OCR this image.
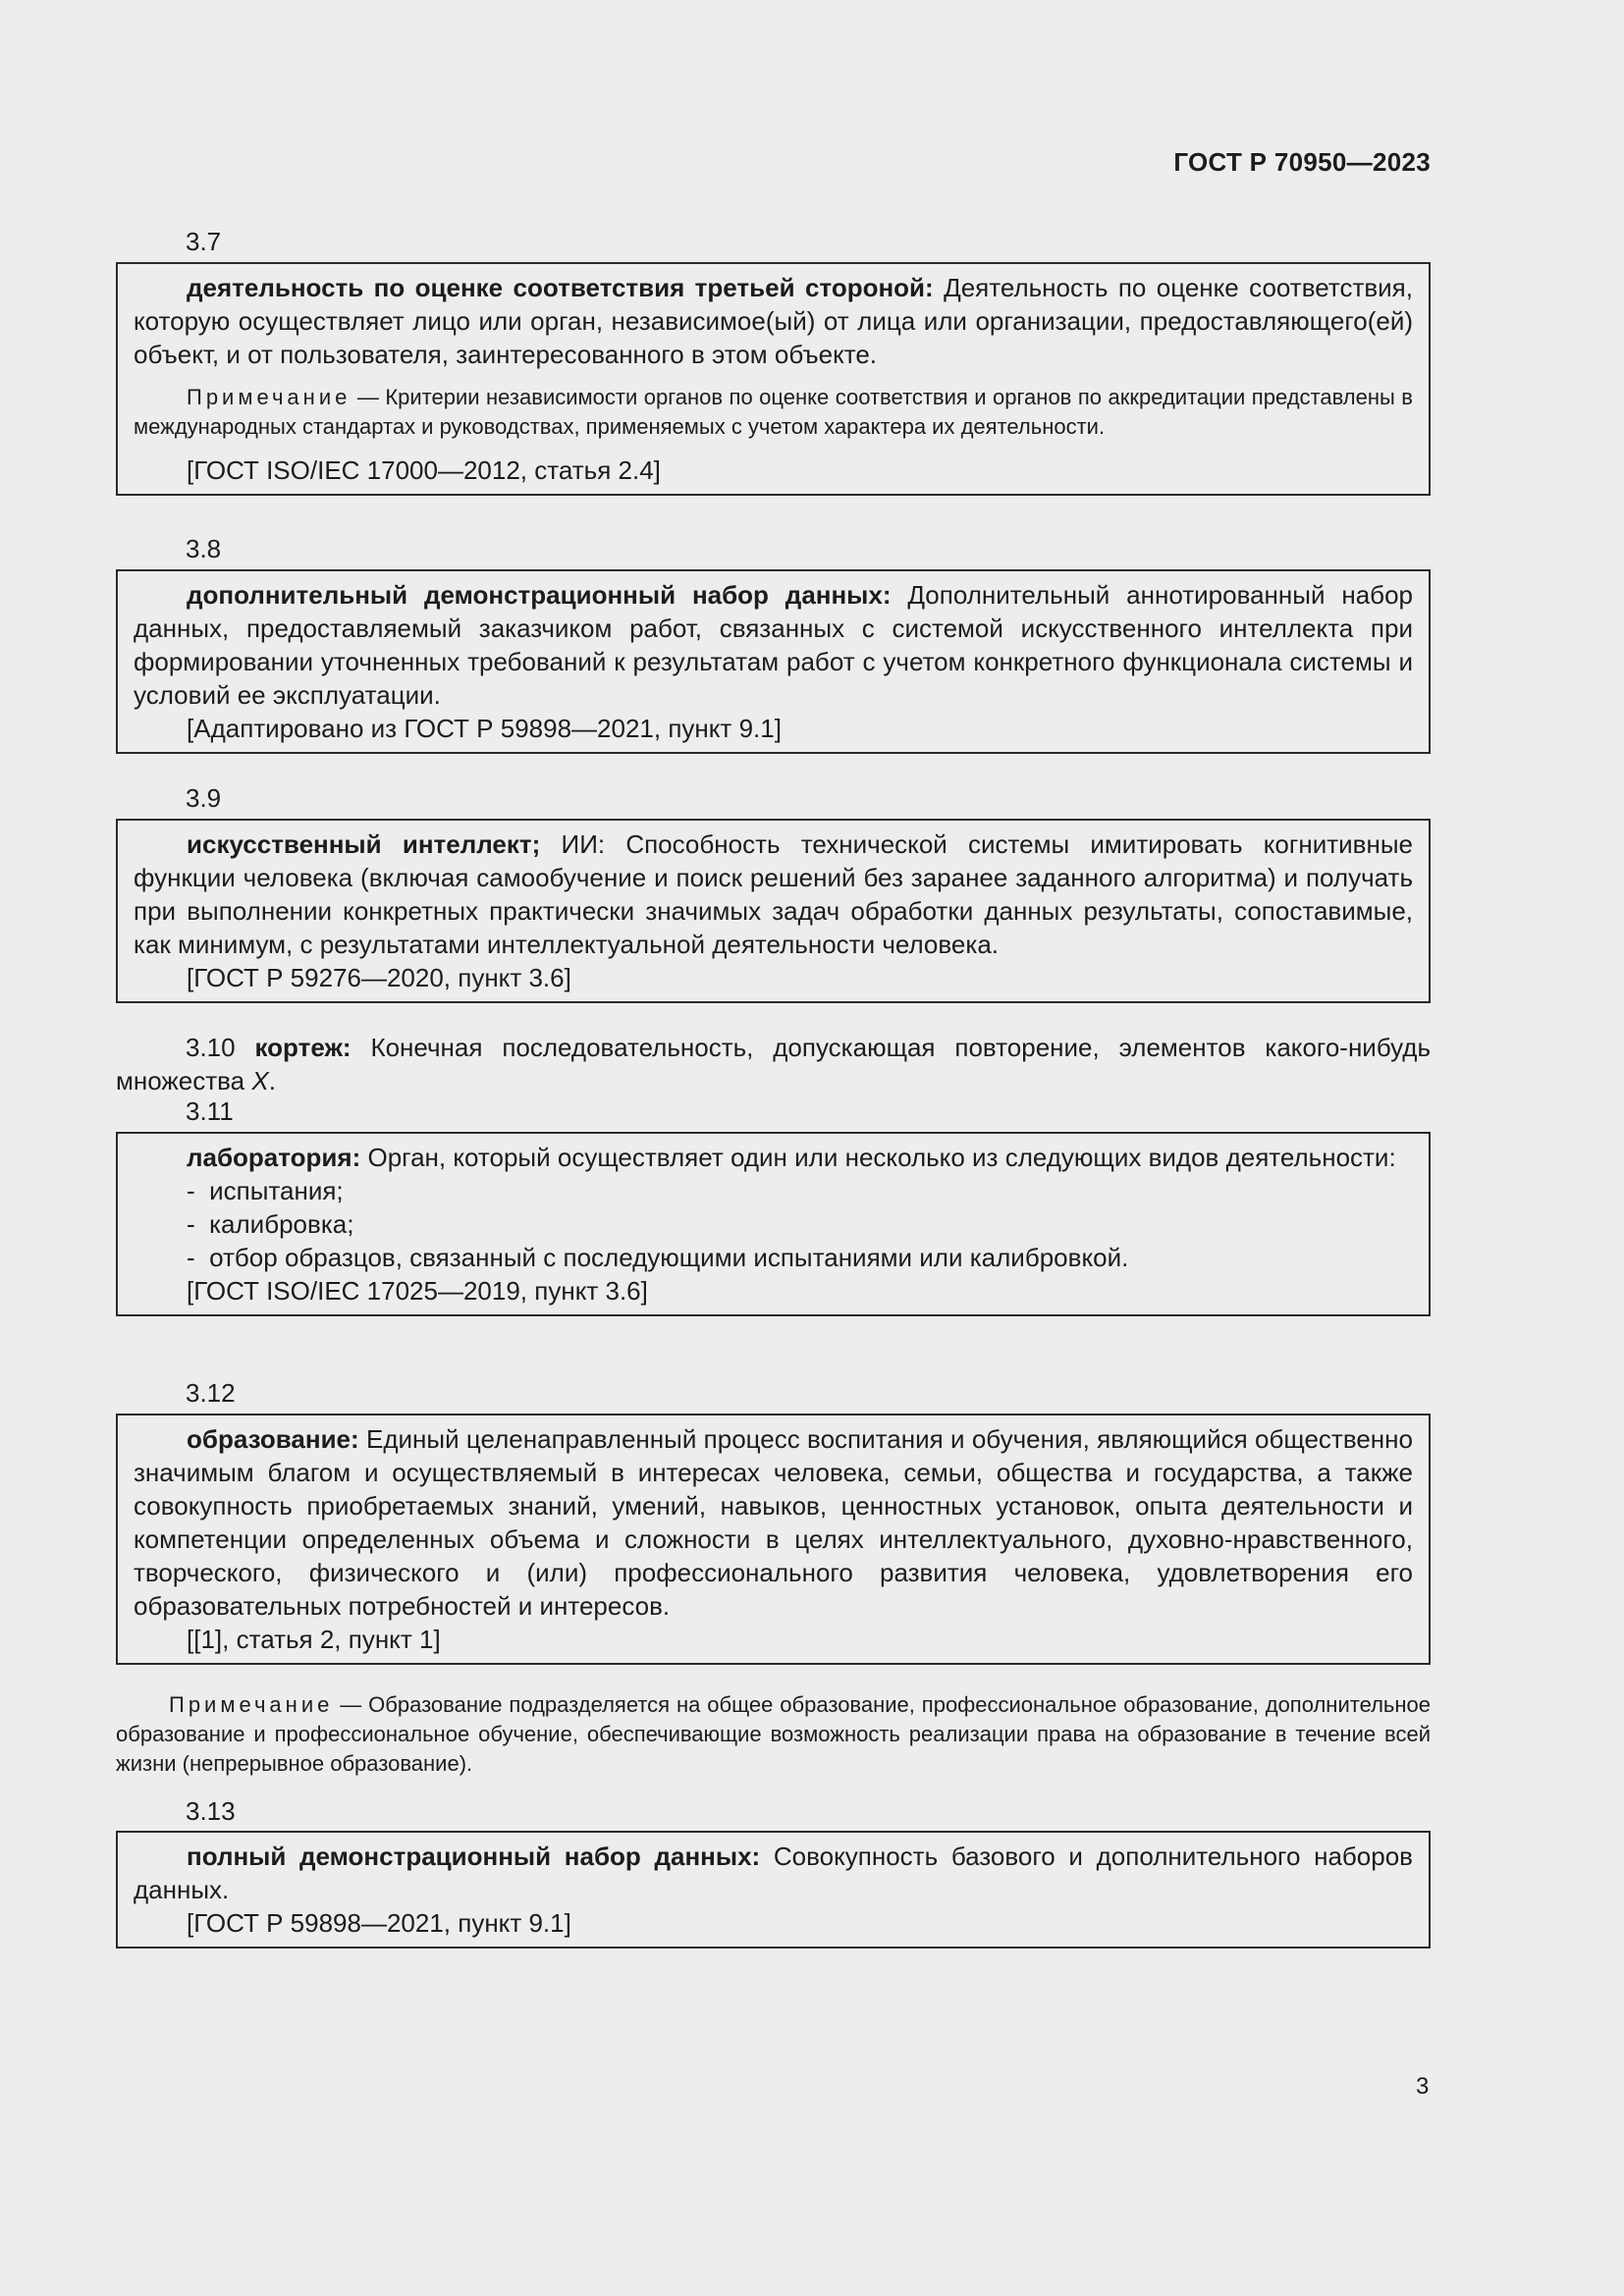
ГОСТ Р 70950—2023
3.7

деятельность по оценке соответствия третьей стороной: Деятельность по оценке соответствия, которую осуществляет лицо или орган, независимое(ый) от лица или организации, предоставляющего(ей) объект, и от пользователя, заинтересованного в этом объекте.

Примечание — Критерии независимости органов по оценке соответствия и органов по аккредитации представлены в международных стандартах и руководствах, применяемых с учетом характера их деятельности.

[ГОСТ ISO/IEC 17000—2012, статья 2.4]

3.8

дополнительный демонстрационный набор данных: Дополнительный аннотированный набор данных, предоставляемый заказчиком работ, связанных с системой искусственного интеллекта при формировании уточненных требований к результатам работ с учетом конкретного функционала системы и условий ее эксплуатации.

[Адаптировано из ГОСТ Р 59898—2021, пункт 9.1]

3.9

искусственный интеллект; ИИ: Способность технической системы имитировать когнитивные функции человека (включая самообучение и поиск решений без заранее заданного алгоритма) и получать при выполнении конкретных практически значимых задач обработки данных результаты, сопоставимые, как минимум, с результатами интеллектуальной деятельности человека.

[ГОСТ Р 59276—2020, пункт 3.6]

3.10 кортеж: Конечная последовательность, допускающая повторение, элементов какого-нибудь множества X.
3.11

лаборатория: Орган, который осуществляет один или несколько из следующих видов деятельности:

-  испытания;
-  калибровка;
-  отбор образцов, связанный с последующими испытаниями или калибровкой.

[ГОСТ ISO/IEC 17025—2019, пункт 3.6]

3.12

образование: Единый целенаправленный процесс воспитания и обучения, являющийся общественно значимым благом и осуществляемый в интересах человека, семьи, общества и государства, а также совокупность приобретаемых знаний, умений, навыков, ценностных установок, опыта деятельности и компетенции определенных объема и сложности в целях интеллектуального, духовно-нравственного, творческого, физического и (или) профессионального развития человека, удовлетворения его образовательных потребностей и интересов.

[[1], статья 2, пункт 1]

Примечание — Образование подразделяется на общее образование, профессиональное образование, дополнительное образование и профессиональное обучение, обеспечивающие возможность реализации права на образование в течение всей жизни (непрерывное образование).
3.13

полный демонстрационный набор данных: Совокупность базового и дополнительного наборов данных.

[ГОСТ Р 59898—2021, пункт 9.1]

3
